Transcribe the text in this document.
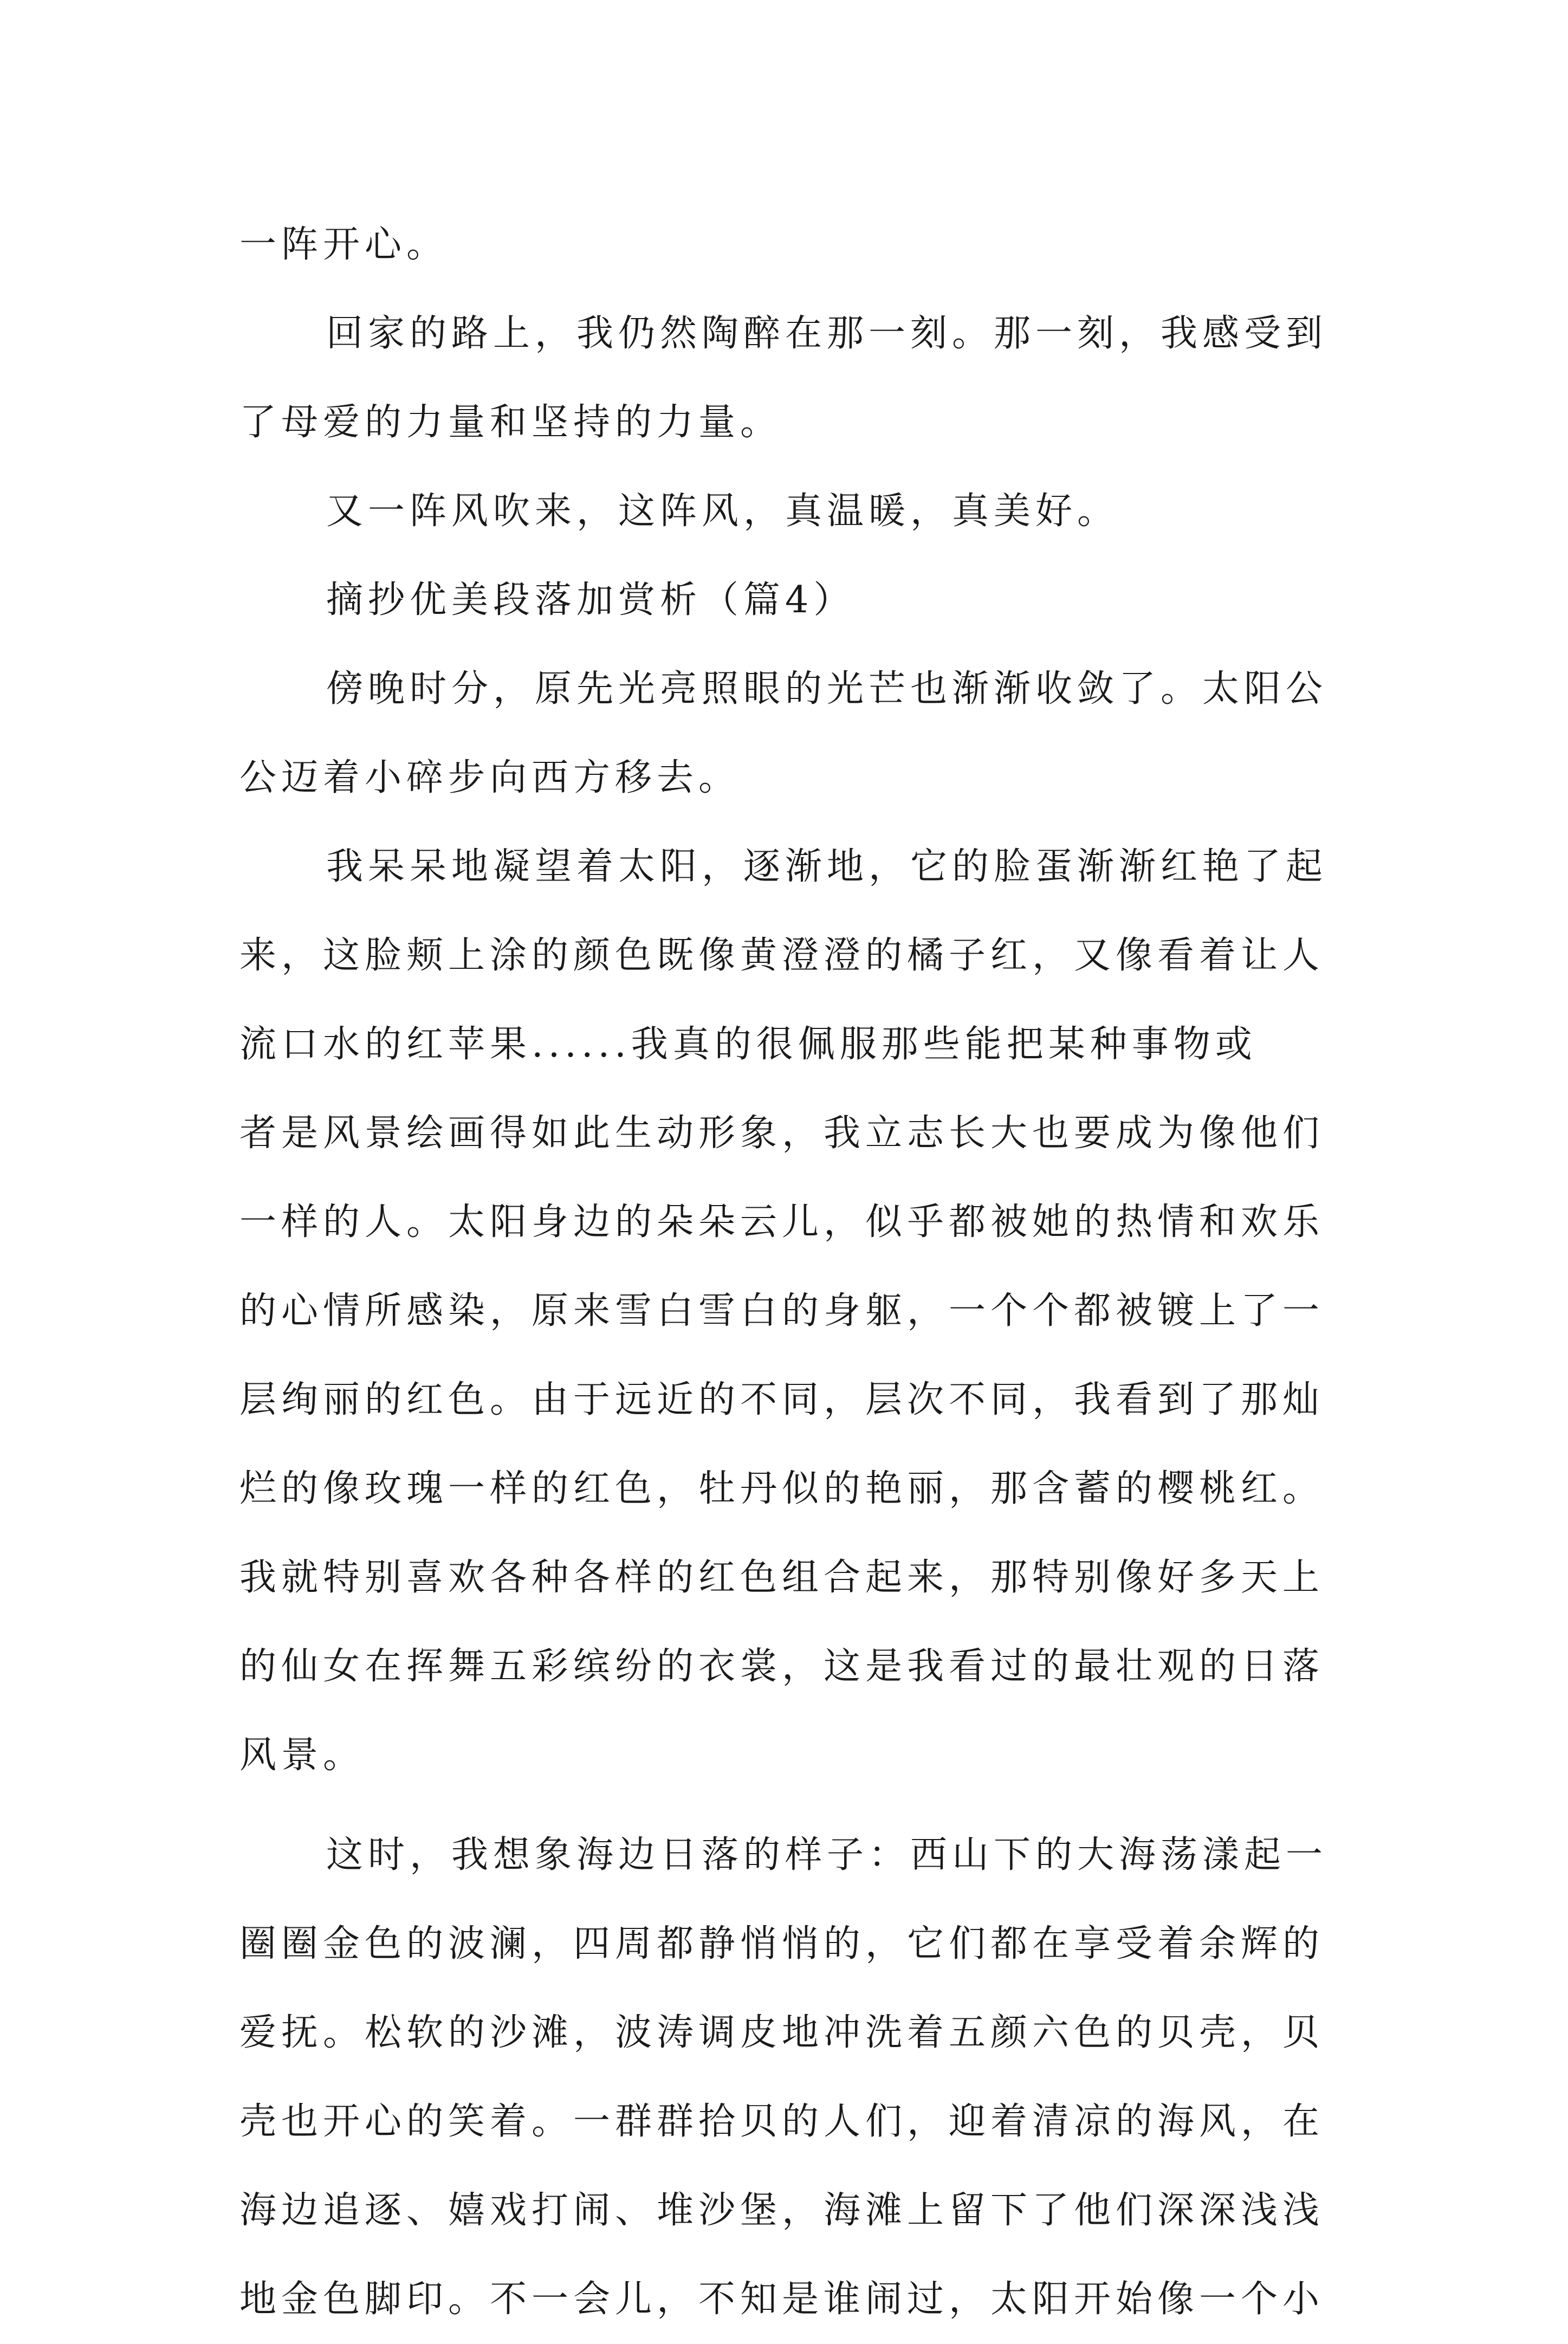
一阵开心。
回家的路上，我仍然陶醉在那一刻。那一刻，我感受到
了母爱的力量和坚持的力量。
又一阵风吹来，这阵风，真温暖，真美好。
摘抄优美段落加赏析（篇4）
傍晚时分，原先光亮照眼的光芒也渐渐收敛了。太阳公
公迈着小碎步向西方移去。
我呆呆地凝望着太阳，逐渐地，它的脸蛋渐渐红艳了起
来，这脸颊上涂的颜色既像黄澄澄的橘子红，又像看着让人
流口水的红苹果......我真的很佩服那些能把某种事物或
者是风景绘画得如此生动形象，我立志长大也要成为像他们
一样的人。太阳身边的朵朵云儿，似乎都被她的热情和欢乐
的心情所感染，原来雪白雪白的身躯，一个个都被镀上了一
层绚丽的红色。由于远近的不同，层次不同，我看到了那灿
烂的像玫瑰一样的红色，牡丹似的艳丽，那含蓄的樱桃红。
我就特别喜欢各种各样的红色组合起来，那特别像好多天上
的仙女在挥舞五彩缤纷的衣裳，这是我看过的最壮观的日落
风景。
这时，我想象海边日落的样子：西山下的大海荡漾起一
圈圈金色的波澜，四周都静悄悄的，它们都在享受着余辉的
爱抚。松软的沙滩，波涛调皮地冲洗着五颜六色的贝壳，贝
壳也开心的笑着。一群群拾贝的人们，迎着清凉的海风，在
海边追逐、嬉戏打闹、堆沙堡，海滩上留下了他们深深浅浅
地金色脚印。不一会儿，不知是谁闹过，太阳开始像一个小
